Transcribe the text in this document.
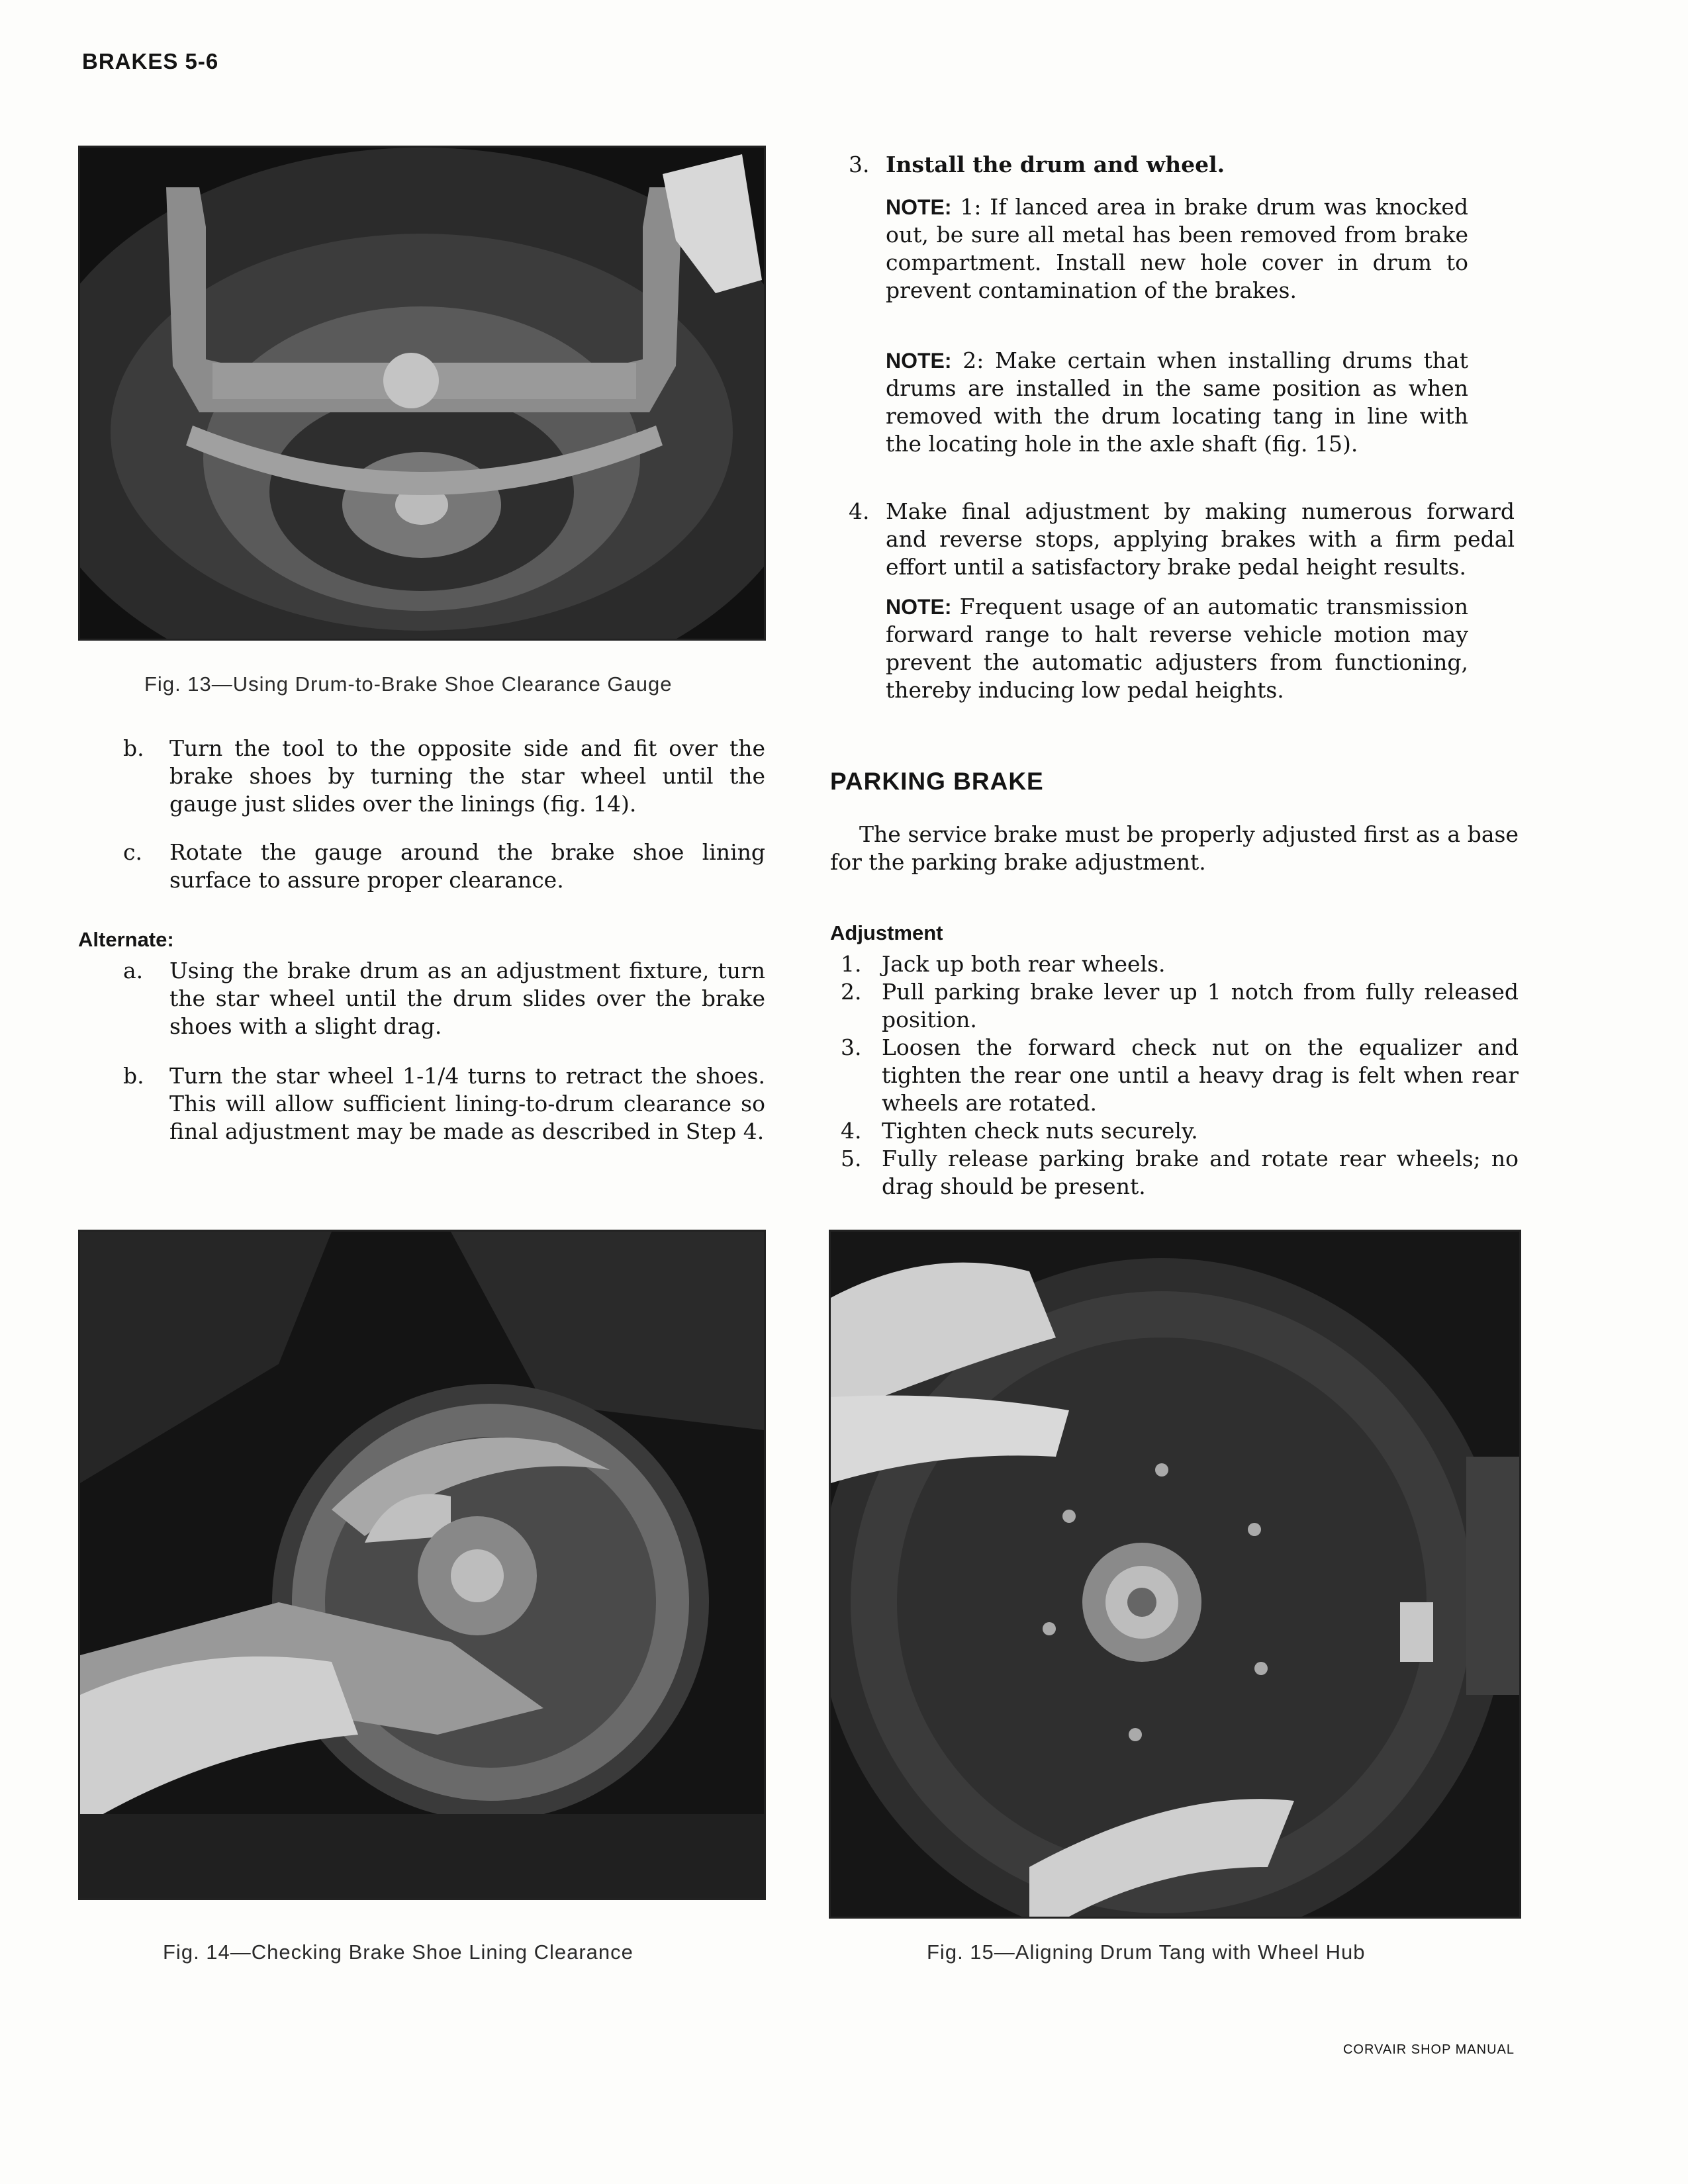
BRAKES 5-6
Fig. 13—Using Drum-to-Brake Shoe Clearance Gauge
b. Turn the tool to the opposite side and fit over the brake shoes by turning the star wheel until the gauge just slides over the linings (fig. 14).
c. Rotate the gauge around the brake shoe lining surface to assure proper clearance.
Alternate:
a. Using the brake drum as an adjustment fixture, turn the star wheel until the drum slides over the brake shoes with a slight drag.
b. Turn the star wheel 1-1/4 turns to retract the shoes. This will allow sufficient lining-to-drum clearance so final adjustment may be made as described in Step 4.
3. Install the drum and wheel.
NOTE: 1: If lanced area in brake drum was knocked out, be sure all metal has been removed from brake compartment. Install new hole cover in drum to prevent contamination of the brakes.
NOTE: 2: Make certain when installing drums that drums are installed in the same position as when removed with the drum locating tang in line with the locating hole in the axle shaft (fig. 15).
4. Make final adjustment by making numerous forward and reverse stops, applying brakes with a firm pedal effort until a satisfactory brake pedal height results.
NOTE: Frequent usage of an automatic transmission forward range to halt reverse vehicle motion may prevent the automatic adjusters from functioning, thereby inducing low pedal heights.
PARKING BRAKE
The service brake must be properly adjusted first as a base for the parking brake adjustment.
Adjustment
1. Jack up both rear wheels.
2. Pull parking brake lever up 1 notch from fully released position.
3. Loosen the forward check nut on the equalizer and tighten the rear one until a heavy drag is felt when rear wheels are rotated.
4. Tighten check nuts securely.
5. Fully release parking brake and rotate rear wheels; no drag should be present.
Fig. 14—Checking Brake Shoe Lining Clearance	Fig. 15—Aligning Drum Tang with Wheel Hub
CORVAIR SHOP MANUAL
